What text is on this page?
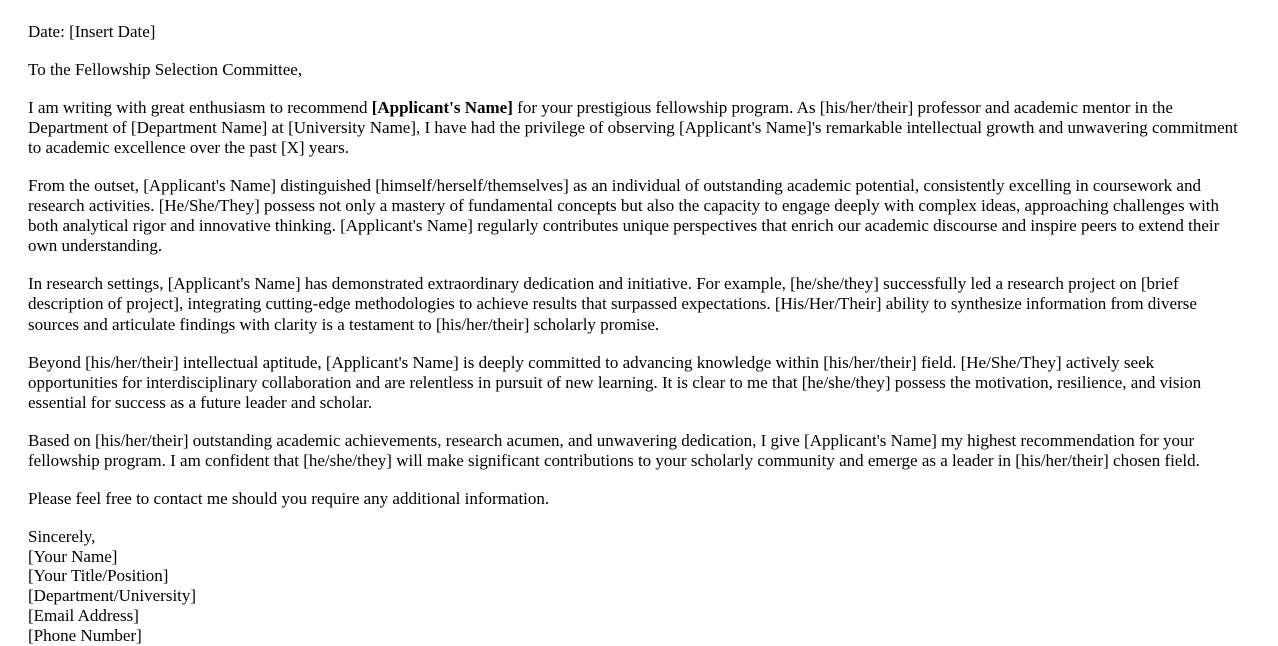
Date: [Insert Date]

To the Fellowship Selection Committee,

I am writing with great enthusiasm to recommend [Applicant's Name] for your prestigious fellowship program. As [his/her/their] professor and academic mentor in the Department of [Department Name] at [University Name], I have had the privilege of observing [Applicant's Name]'s remarkable intellectual growth and unwavering commitment to academic excellence over the past [X] years.

From the outset, [Applicant's Name] distinguished [himself/herself/themselves] as an individual of outstanding academic potential, consistently excelling in coursework and research activities. [He/She/They] possess not only a mastery of fundamental concepts but also the capacity to engage deeply with complex ideas, approaching challenges with both analytical rigor and innovative thinking. [Applicant's Name] regularly contributes unique perspectives that enrich our academic discourse and inspire peers to extend their own understanding.

In research settings, [Applicant's Name] has demonstrated extraordinary dedication and initiative. For example, [he/she/they] successfully led a research project on [brief description of project], integrating cutting-edge methodologies to achieve results that surpassed expectations. [His/Her/Their] ability to synthesize information from diverse sources and articulate findings with clarity is a testament to [his/her/their] scholarly promise.

Beyond [his/her/their] intellectual aptitude, [Applicant's Name] is deeply committed to advancing knowledge within [his/her/their] field. [He/She/They] actively seek opportunities for interdisciplinary collaboration and are relentless in pursuit of new learning. It is clear to me that [he/she/they] possess the motivation, resilience, and vision essential for success as a future leader and scholar.

Based on [his/her/their] outstanding academic achievements, research acumen, and unwavering dedication, I give [Applicant's Name] my highest recommendation for your fellowship program. I am confident that [he/she/they] will make significant contributions to your scholarly community and emerge as a leader in [his/her/their] chosen field.

Please feel free to contact me should you require any additional information.

Sincerely,
[Your Name]
[Your Title/Position]
[Department/University]
[Email Address]
[Phone Number]
